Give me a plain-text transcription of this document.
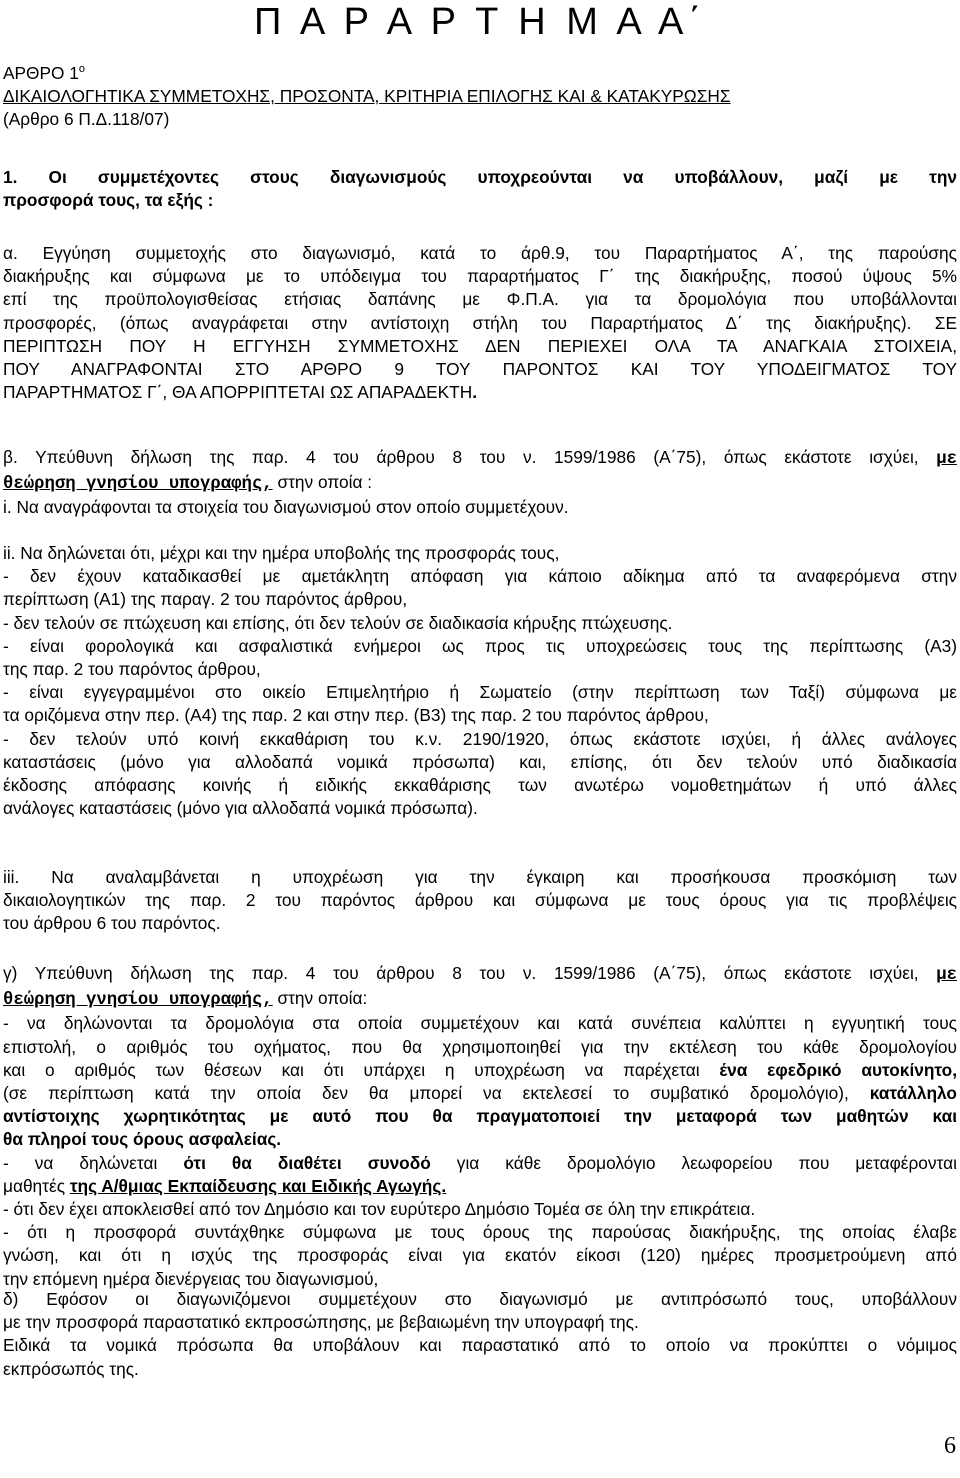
Π Α Ρ Α Ρ Τ Η Μ Α Α΄

ΑΡΘΡΟ $1^o$

ΔΙΚΑΙΟΛΟΓΗΤΙΚΑ ΣΥΜΜΕΤΟΧΗΣ, ΠΡΟΣΟΝΤΑ, ΚΡΙΤΗΡΙΑ ΕΠΙΛΟΓΗΣ ΚΑΙ & ΚΑΤΑΚΥΡΩΣΗΣ

(Αρθρο 6 Π.Δ.118/07)

1. Οι συμμετέχοντες στους διαγωνισμούς υποχρεούνται να υποβάλλουν, μαζί με την

προσφορά τους, τα εξής :

α. Εγγύηση συμμετοχής στο διαγωνισμό, κατά το άρθ.9, του Παραρτήματος Α΄, της παρούσης

διακήρυξης και σύμφωνα με το υπόδειγμα του παραρτήματος Γ΄ της διακήρυξης, ποσού ύψους 5%

επί της προϋπολογισθείσας ετήσιας δαπάνης με Φ.Π.Α. για τα δρομολόγια που υποβάλλονται

προσφορές, (όπως αναγράφεται στην αντίστοιχη στήλη του Παραρτήματος Δ΄ της διακήρυξης). ΣΕ

ΠΕΡΙΠΤΩΣΗ ΠΟΥ Η ΕΓΓΥΗΣΗ ΣΥΜΜΕΤΟΧΗΣ ΔΕΝ ΠΕΡΙΕΧΕΙ ΟΛΑ ΤΑ ΑΝΑΓΚΑΙΑ ΣΤΟΙΧΕΙΑ,

ΠΟΥ ΑΝΑΓΡΑΦΟΝΤΑΙ ΣΤΟ ΑΡΘΡΟ 9 ΤΟΥ ΠΑΡΟΝΤΟΣ ΚΑΙ ΤΟΥ ΥΠΟΔΕΙΓΜΑΤΟΣ ΤΟΥ

ΠΑΡΑΡΤΗΜΑΤΟΣ Γ΄, ΘΑ ΑΠΟΡΡΙΠΤΕΤΑΙ ΩΣ ΑΠΑΡΑΔΕΚΤΗ.

β. Υπεύθυνη δήλωση της παρ. 4 του άρθρου 8 του ν. 1599/1986 (Α΄75), όπως εκάστοτε ισχύει, με

θεώρηση γνησίου υπογραφής, στην οποία :

i. Να αναγράφονται τα στοιχεία του διαγωνισμού στον οποίο συμμετέχουν.

ii. Να δηλώνεται ότι, μέχρι και την ημέρα υποβολής της προσφοράς τους,

- δεν έχουν καταδικασθεί με αμετάκλητη απόφαση για κάποιο αδίκημα από τα αναφερόμενα στην

περίπτωση (Α1) της παραγ. 2 του παρόντος άρθρου,

- δεν τελούν σε πτώχευση και επίσης, ότι δεν τελούν σε διαδικασία κήρυξης πτώχευσης.

- είναι φορολογικά και ασφαλιστικά ενήμεροι ως προς τις υποχρεώσεις τους της περίπτωσης (Α3)

της παρ. 2 του παρόντος άρθρου,

- είναι εγγεγραμμένοι στο οικείο Επιμελητήριο ή Σωματείο (στην περίπτωση των Ταξί) σύμφωνα με

τα οριζόμενα στην περ. (Α4) της παρ. 2 και στην περ. (Β3) της παρ. 2 του παρόντος άρθρου,

- δεν τελούν υπό κοινή εκκαθάριση του κ.ν. 2190/1920, όπως εκάστοτε ισχύει, ή άλλες ανάλογες

καταστάσεις (μόνο για αλλοδαπά νομικά πρόσωπα) και, επίσης, ότι δεν τελούν υπό διαδικασία

έκδοσης απόφασης κοινής ή ειδικής εκκαθάρισης των ανωτέρω νομοθετημάτων ή υπό άλλες

ανάλογες καταστάσεις (μόνο για αλλοδαπά νομικά πρόσωπα).

iii. Να αναλαμβάνεται η υποχρέωση για την έγκαιρη και προσήκουσα προσκόμιση των

δικαιολογητικών της παρ. 2 του παρόντος άρθρου και σύμφωνα με τους όρους για τις προβλέψεις

του άρθρου 6 του παρόντος.

γ) Υπεύθυνη δήλωση της παρ. 4 του άρθρου 8 του ν. 1599/1986 (Α΄75), όπως εκάστοτε ισχύει, με

θεώρηση γνησίου υπογραφής, στην οποία:

- να δηλώνονται τα δρομολόγια στα οποία συμμετέχουν και κατά συνέπεια καλύπτει η εγγυητική τους

επιστολή, ο αριθμός του οχήματος, που θα χρησιμοποιηθεί για την εκτέλεση του κάθε δρομολογίου

και ο αριθμός των θέσεων και ότι υπάρχει η υποχρέωση να παρέχεται ένα εφεδρικό αυτοκίνητο,

(σε περίπτωση κατά την οποία δεν θα μπορεί να εκτελεσεί το συμβατικό δρομολόγιο), κατάλληλο

αντίστοιχης χωρητικότητας με αυτό που θα πραγματοποιεί την μεταφορά των μαθητών και

θα πληροί τους όρους ασφαλείας.

- να δηλώνεται ότι θα διαθέτει συνοδό για κάθε δρομολόγιο λεωφορείου που μεταφέρονται

μαθητές της Α/θμιας Εκπαίδευσης και Ειδικής Αγωγής.

- ότι δεν έχει αποκλεισθεί από τον Δημόσιο και τον ευρύτερο Δημόσιο Τομέα σε όλη την επικράτεια.

- ότι η προσφορά συντάχθηκε σύμφωνα με τους όρους της παρούσας διακήρυξης, της οποίας έλαβε

γνώση, και ότι η ισχύς της προσφοράς είναι για εκατόν είκοσι (120) ημέρες προσμετρούμενη από

την επόμενη ημέρα διενέργειας του διαγωνισμού,

δ) Εφόσον οι διαγωνιζόμενοι συμμετέχουν στο διαγωνισμό με αντιπρόσωπό τους, υποβάλλουν

με την προσφορά παραστατικό εκπροσώπησης, με βεβαιωμένη την υπογραφή της.

Ειδικά τα νομικά πρόσωπα θα υποβάλουν και παραστατικό από το οποίο να προκύπτει ο νόμιμος

εκπρόσωπός της.

6
